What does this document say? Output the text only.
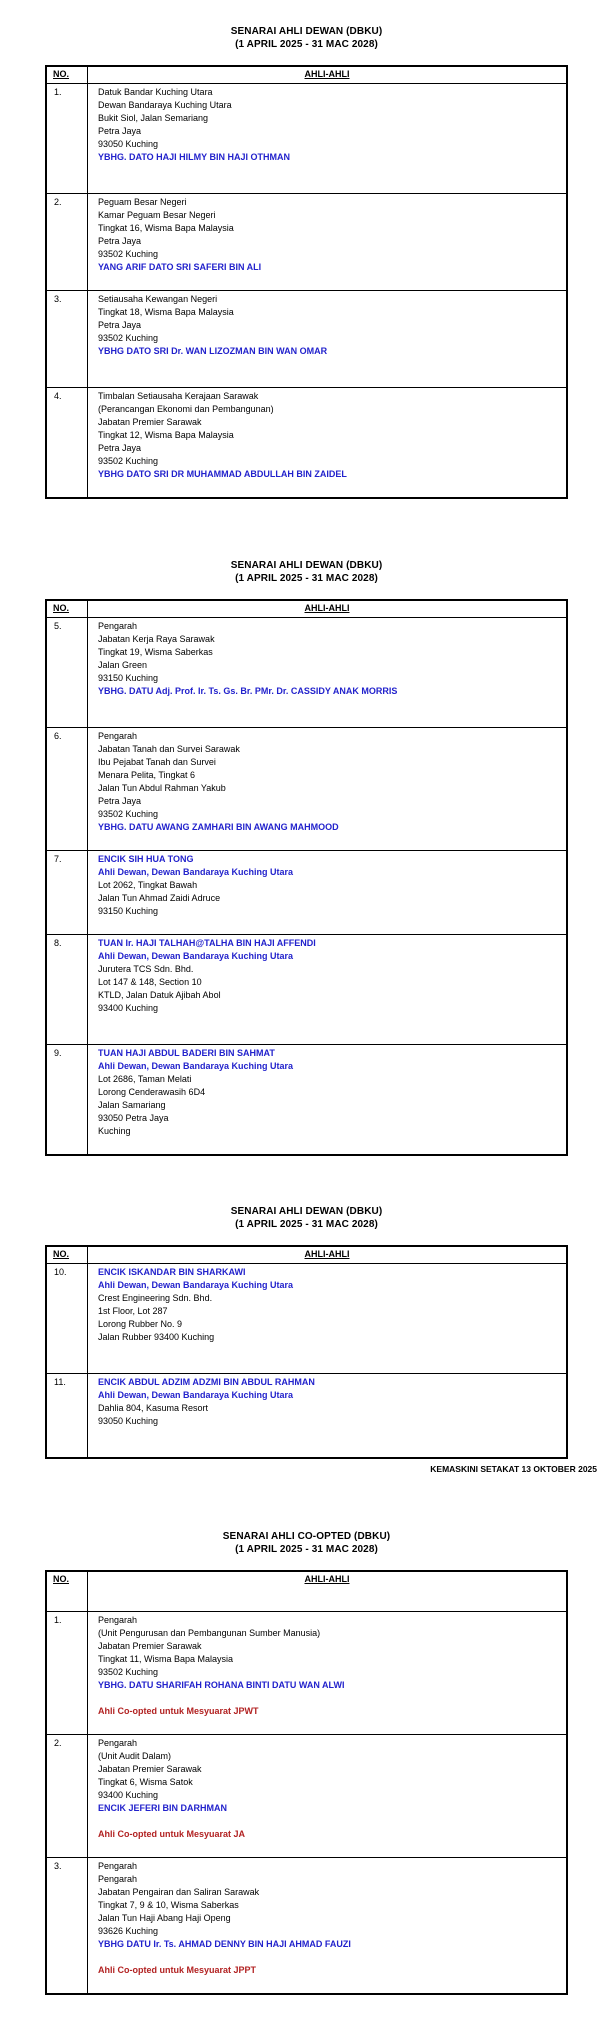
SENARAI AHLI DEWAN (DBKU)
(1 APRIL 2025 - 31 MAC 2028)
NO.	AHLI-AHLI
1.	Datuk Bandar Kuching Utara
Dewan Bandaraya Kuching Utara
Bukit Siol, Jalan Semariang
Petra Jaya
93050 Kuching
YBHG. DATO HAJI HILMY BIN HAJI OTHMAN

2.	Peguam Besar Negeri
Kamar Peguam Besar Negeri
Tingkat 16, Wisma Bapa Malaysia
Petra Jaya
93502 Kuching
YANG ARIF DATO SRI SAFERI BIN ALI

3.	Setiausaha Kewangan Negeri
Tingkat 18, Wisma Bapa Malaysia
Petra Jaya
93502 Kuching
YBHG DATO SRI Dr. WAN LIZOZMAN BIN WAN OMAR

4.	Timbalan Setiausaha Kerajaan Sarawak
(Perancangan Ekonomi dan Pembangunan)
Jabatan Premier Sarawak
Tingkat 12, Wisma Bapa Malaysia
Petra Jaya
93502 Kuching
YBHG DATO SRI DR MUHAMMAD ABDULLAH BIN ZAIDEL

SENARAI AHLI DEWAN (DBKU)
(1 APRIL 2025 - 31 MAC 2028)
NO.	AHLI-AHLI
5.	Pengarah
Jabatan Kerja Raya Sarawak
Tingkat 19, Wisma Saberkas
Jalan Green
93150 Kuching
YBHG. DATU Adj. Prof. Ir. Ts. Gs. Br. PMr. Dr. CASSIDY ANAK MORRIS

6.	Pengarah
Jabatan Tanah dan Survei Sarawak
Ibu Pejabat Tanah dan Survei
Menara Pelita, Tingkat 6
Jalan Tun Abdul Rahman Yakub
Petra Jaya
93502 Kuching
YBHG. DATU AWANG ZAMHARI BIN AWANG MAHMOOD

7.	ENCIK SIH HUA TONG
Ahli Dewan, Dewan Bandaraya Kuching Utara
Lot 2062, Tingkat Bawah
Jalan Tun Ahmad Zaidi Adruce
93150 Kuching

8.	TUAN Ir. HAJI TALHAH@TALHA BIN HAJI AFFENDI
Ahli Dewan, Dewan Bandaraya Kuching Utara
Jurutera TCS Sdn. Bhd.
Lot 147 & 148, Section 10
KTLD, Jalan Datuk Ajibah Abol
93400 Kuching

9.	TUAN HAJI ABDUL BADERI BIN SAHMAT
Ahli Dewan, Dewan Bandaraya Kuching Utara
Lot 2686, Taman Melati
Lorong Cenderawasih 6D4
Jalan Samariang
93050 Petra Jaya
Kuching

SENARAI AHLI DEWAN (DBKU)
(1 APRIL 2025 - 31 MAC 2028)
NO.	AHLI-AHLI
10.	ENCIK ISKANDAR BIN SHARKAWI
Ahli Dewan, Dewan Bandaraya Kuching Utara
Crest Engineering Sdn. Bhd.
1st Floor, Lot 287
Lorong Rubber No. 9
Jalan Rubber 93400 Kuching

11.	ENCIK ABDUL ADZIM ADZMI BIN ABDUL RAHMAN
Ahli Dewan, Dewan Bandaraya Kuching Utara
Dahlia 804, Kasuma Resort
93050 Kuching

KEMASKINI SETAKAT 13 OKTOBER 2025
SENARAI AHLI CO-OPTED (DBKU)
(1 APRIL 2025 - 31 MAC 2028)
NO.	AHLI-AHLI
1.	Pengarah
(Unit Pengurusan dan Pembangunan Sumber Manusia)
Jabatan Premier Sarawak
Tingkat 11, Wisma Bapa Malaysia
93502 Kuching
YBHG. DATU SHARIFAH ROHANA BINTI DATU WAN ALWI

Ahli Co-opted untuk Mesyuarat JPWT

2.	Pengarah
(Unit Audit Dalam)
Jabatan Premier Sarawak
Tingkat 6, Wisma Satok
93400 Kuching
ENCIK JEFERI BIN DARHMAN

Ahli Co-opted untuk Mesyuarat JA

3.	Pengarah
Pengarah
Jabatan Pengairan dan Saliran Sarawak
Tingkat 7, 9 & 10, Wisma Saberkas
Jalan Tun Haji Abang Haji Openg
93626 Kuching
YBHG DATU Ir. Ts. AHMAD DENNY BIN HAJI AHMAD FAUZI

Ahli Co-opted untuk Mesyuarat JPPT
